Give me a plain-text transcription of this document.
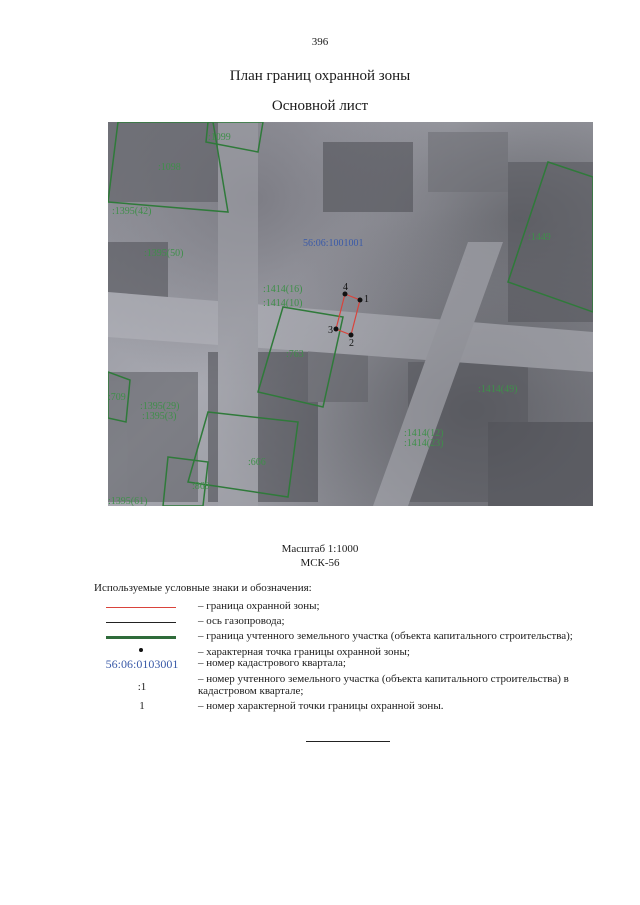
396
План границ охранной зоны
Основной лист
1
2
3
4
:1099
:1098
:1395(42)
:1395(50)
:1449
:1414(16)
:1414(10)
:763
:709
:1395(29)
:1395(3)
:1414(49)
:1414(12)
:1414(23)
:666
:869
:1395(61)
56:06:1001001
Масштаб 1:1000
МСК-56
Используемые условные знаки и обозначения:
– граница охранной зоны;
– ось газопровода;
– граница учтенного земельного участка (объекта капитального строительства);
– характерная точка границы охранной зоны;
56:06:0103001	– номер кадастрового квартала;
:1
– номер учтенного земельного участка (объекта капитального строительства) в кадастровом квартале;
1	– номер характерной точки границы охранной зоны.
